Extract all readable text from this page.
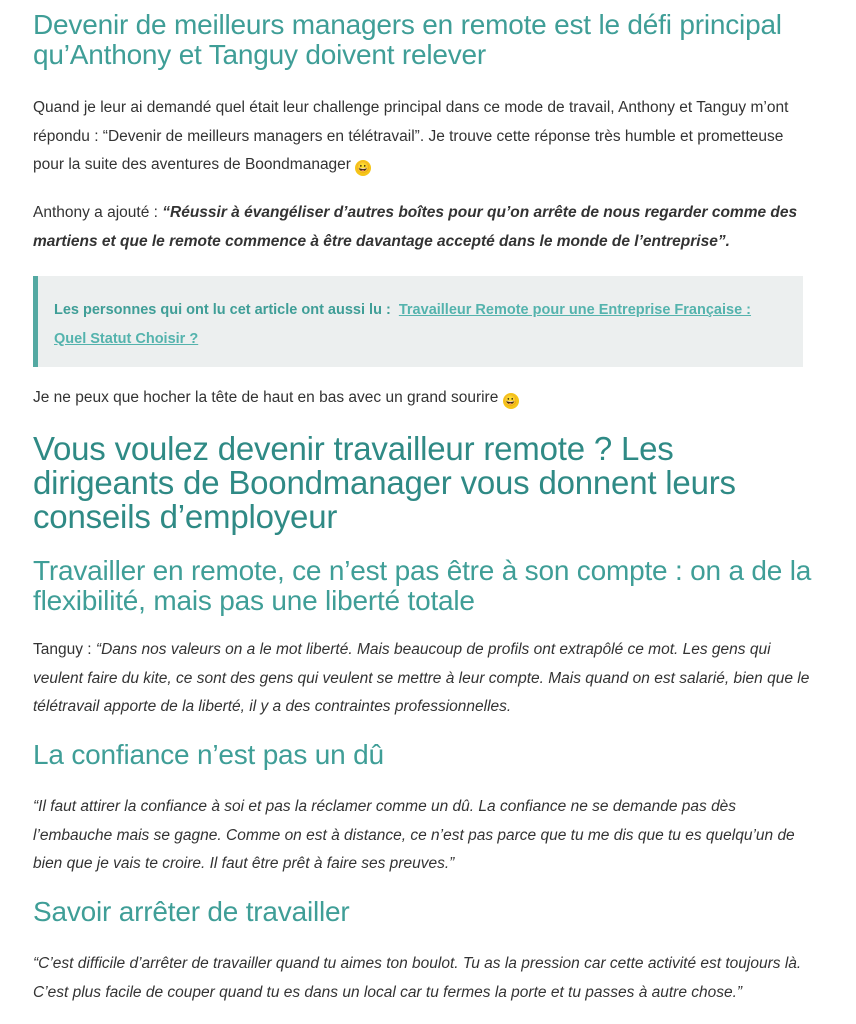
Devenir de meilleurs managers en remote est le défi principal qu’Anthony et Tanguy doivent relever

Quand je leur ai demandé quel était leur challenge principal dans ce mode de travail, Anthony et Tanguy m’ont répondu : “Devenir de meilleurs managers en télétravail”. Je trouve cette réponse très humble et prometteuse pour la suite des aventures de Boondmanager 😀

Anthony a ajouté : “Réussir à évangéliser d’autres boîtes pour qu’on arrête de nous regarder comme des martiens et que le remote commence à être davantage accepté dans le monde de l’entreprise”.

Les personnes qui ont lu cet article ont aussi lu : Travailleur Remote pour une Entreprise Française : Quel Statut Choisir ?

Je ne peux que hocher la tête de haut en bas avec un grand sourire 😀

Vous voulez devenir travailleur remote ? Les dirigeants de Boondmanager vous donnent leurs conseils d’employeur
Travailler en remote, ce n’est pas être à son compte : on a de la flexibilité, mais pas une liberté totale

Tanguy : “Dans nos valeurs on a le mot liberté. Mais beaucoup de profils ont extrapôlé ce mot. Les gens qui veulent faire du kite, ce sont des gens qui veulent se mettre à leur compte. Mais quand on est salarié, bien que le télétravail apporte de la liberté, il y a des contraintes professionnelles.

La confiance n’est pas un dû

“Il faut attirer la confiance à soi et pas la réclamer comme un dû. La confiance ne se demande pas dès l’embauche mais se gagne. Comme on est à distance, ce n’est pas parce que tu me dis que tu es quelqu’un de bien que je vais te croire. Il faut être prêt à faire ses preuves.”

Savoir arrêter de travailler

“C’est difficile d’arrêter de travailler quand tu aimes ton boulot. Tu as la pression car cette activité est toujours là. C’est plus facile de couper quand tu es dans un local car tu fermes la porte et tu passes à autre chose.”
